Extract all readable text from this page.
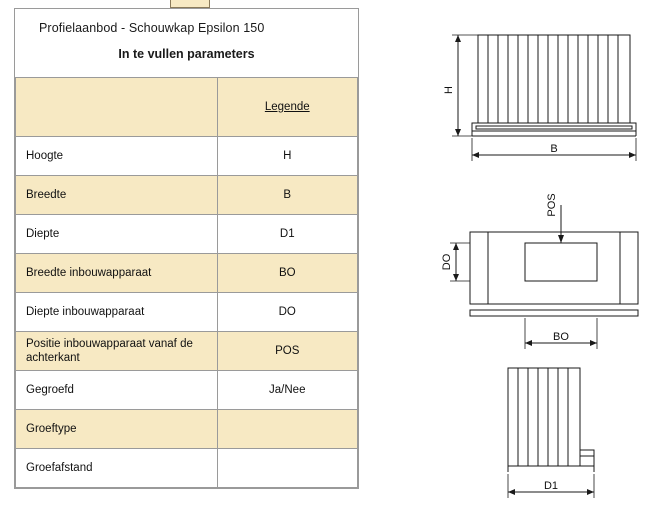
Profielaanbod - Schouwkap Epsilon 150
In te vullen parameters
	Legende
Hoogte	H
Breedte	B
Diepte	D1
Breedte inbouwapparaat	BO
Diepte inbouwapparaat	DO
Positie inbouwapparaat vanaf de achterkant	POS
Gegroefd	Ja/Nee
Groeftype	
Groefafstand	
H
B
POS
DO
BO
D1
